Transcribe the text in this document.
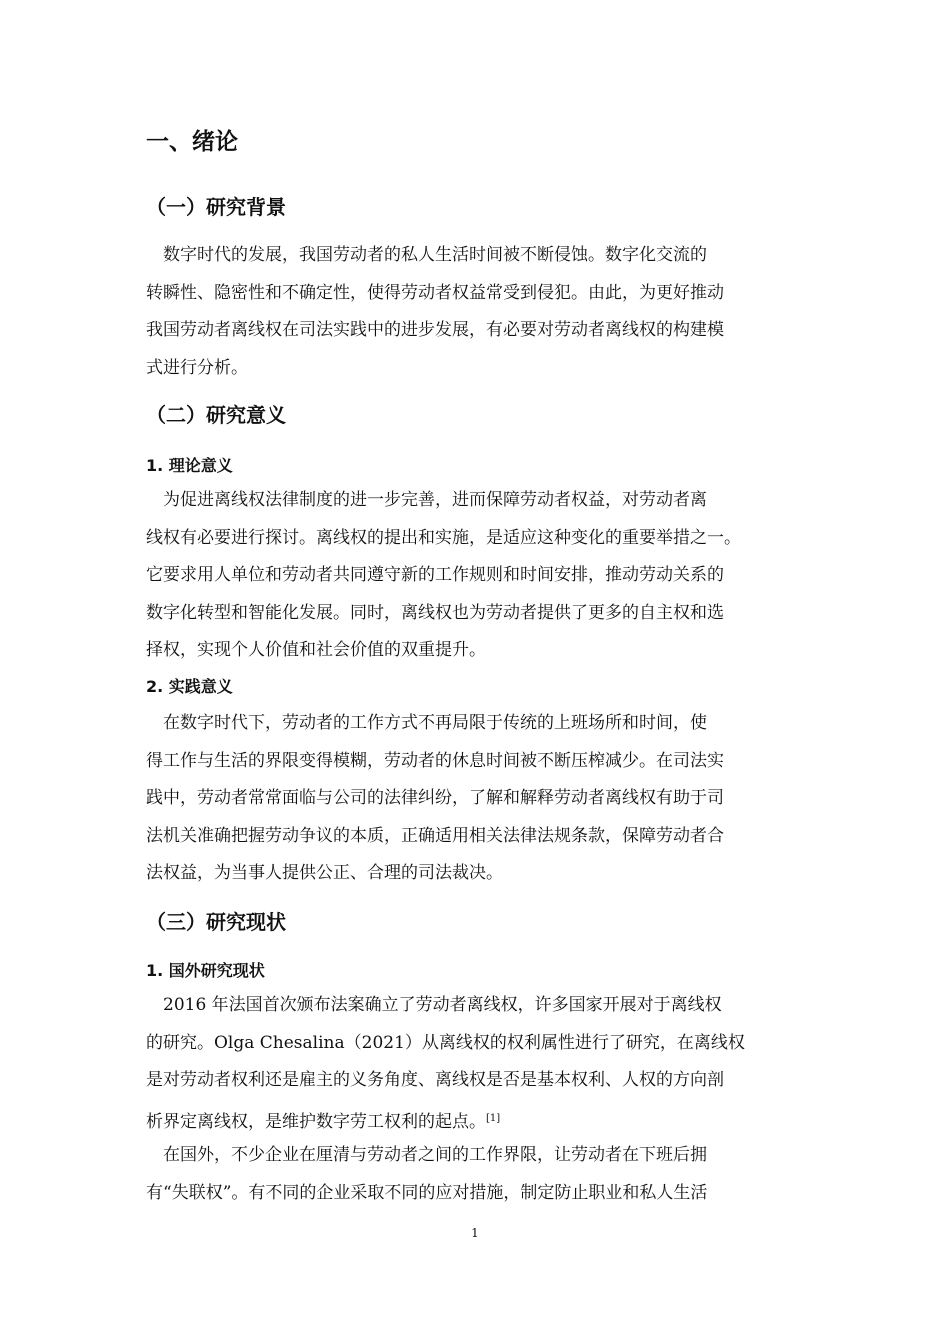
一、绪论
（一）研究背景
　数字时代的发展，我国劳动者的私人生活时间被不断侵蚀。数字化交流的
转瞬性、隐密性和不确定性，使得劳动者权益常受到侵犯。由此，为更好推动
我国劳动者离线权在司法实践中的进步发展，有必要对劳动者离线权的构建模
式进行分析。
（二）研究意义
1. 理论意义
　为促进离线权法律制度的进一步完善，进而保障劳动者权益，对劳动者离
线权有必要进行探讨。离线权的提出和实施，是适应这种变化的重要举措之一。
它要求用人单位和劳动者共同遵守新的工作规则和时间安排，推动劳动关系的
数字化转型和智能化发展。同时，离线权也为劳动者提供了更多的自主权和选
择权，实现个人价值和社会价值的双重提升。
2. 实践意义
　在数字时代下，劳动者的工作方式不再局限于传统的上班场所和时间，使
得工作与生活的界限变得模糊，劳动者的休息时间被不断压榨减少。在司法实
践中，劳动者常常面临与公司的法律纠纷，了解和解释劳动者离线权有助于司
法机关准确把握劳动争议的本质，正确适用相关法律法规条款，保障劳动者合
法权益，为当事人提供公正、合理的司法裁决。
（三）研究现状
1. 国外研究现状
　2016 年法国首次颁布法案确立了劳动者离线权，许多国家开展对于离线权
的研究。Olga Chesalina（2021）从离线权的权利属性进行了研究，在离线权
是对劳动者权利还是雇主的义务角度、离线权是否是基本权利、人权的方向剖
析界定离线权，是维护数字劳工权利的起点。[1]
　在国外，不少企业在厘清与劳动者之间的工作界限，让劳动者在下班后拥
有“失联权”。有不同的企业采取不同的应对措施，制定防止职业和私人生活
1
